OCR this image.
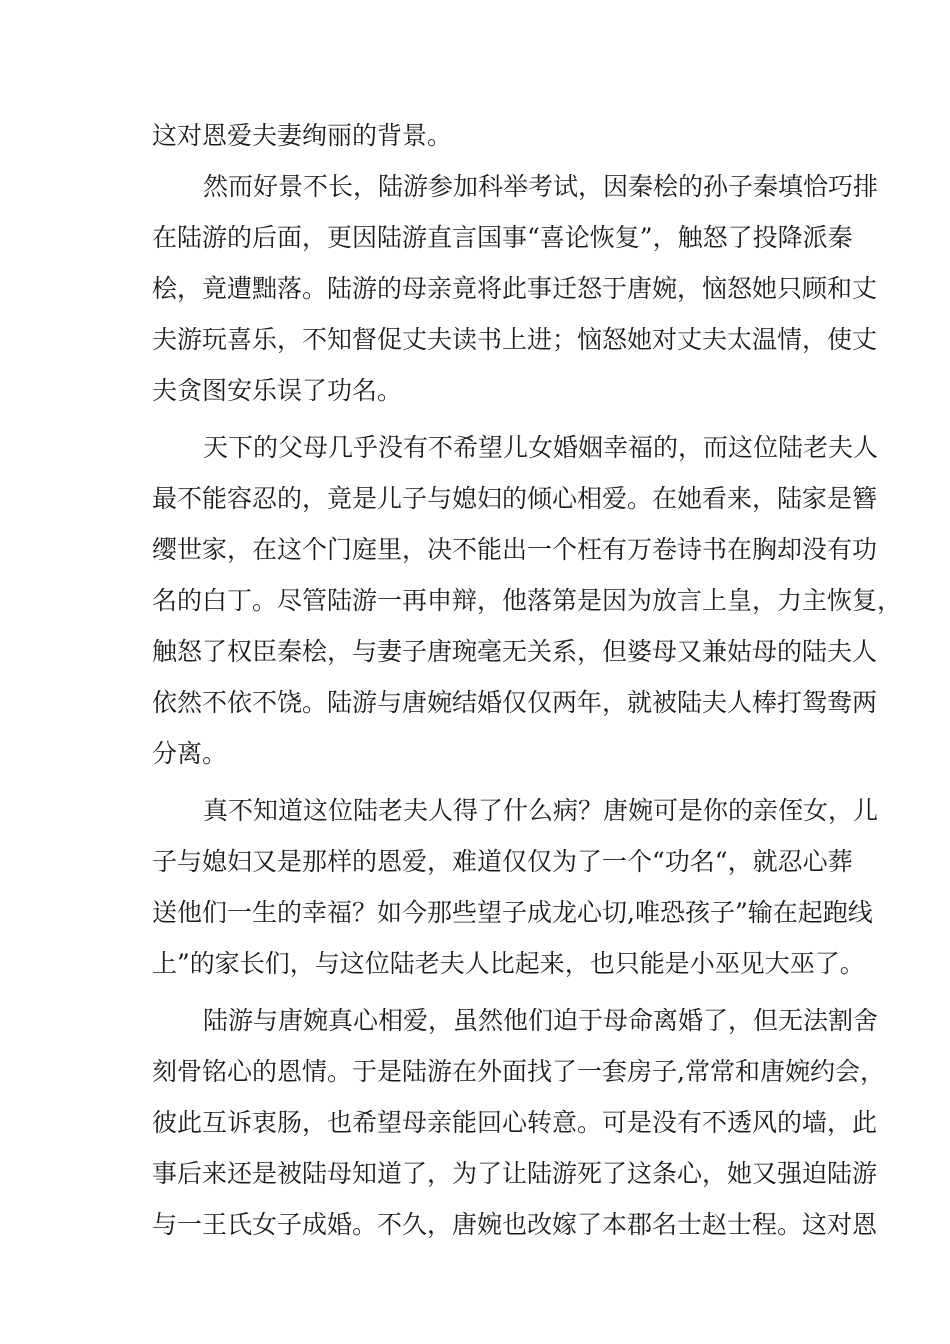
这对恩爱夫妻绚丽的背景。
然而好景不长，陆游参加科举考试，因秦桧的孙子秦填恰巧排
在陆游的后面，更因陆游直言国事“喜论恢复”，触怒了投降派秦
桧，竟遭黜落。陆游的母亲竟将此事迁怒于唐婉，恼怒她只顾和丈
夫游玩喜乐，不知督促丈夫读书上进；恼怒她对丈夫太温情，使丈
夫贪图安乐误了功名。
天下的父母几乎没有不希望儿女婚姻幸福的，而这位陆老夫人
最不能容忍的，竟是儿子与媳妇的倾心相爱。在她看来，陆家是簪
缨世家，在这个门庭里，决不能出一个枉有万卷诗书在胸却没有功
名的白丁。尽管陆游一再申辩，他落第是因为放言上皇，力主恢复，
触怒了权臣秦桧，与妻子唐琬毫无关系，但婆母又兼姑母的陆夫人
依然不依不饶。陆游与唐婉结婚仅仅两年，就被陆夫人棒打鸳鸯两
分离。
真不知道这位陆老夫人得了什么病？唐婉可是你的亲侄女，儿
子与媳妇又是那样的恩爱，难道仅仅为了一个“功名“，就忍心葬
送他们一生的幸福？如今那些望子成龙心切,唯恐孩子”输在起跑线
上”的家长们，与这位陆老夫人比起来，也只能是小巫见大巫了。
陆游与唐婉真心相爱，虽然他们迫于母命离婚了，但无法割舍
刻骨铭心的恩情。于是陆游在外面找了一套房子,常常和唐婉约会，
彼此互诉衷肠，也希望母亲能回心转意。可是没有不透风的墙，此
事后来还是被陆母知道了，为了让陆游死了这条心，她又强迫陆游
与一王氏女子成婚。不久，唐婉也改嫁了本郡名士赵士程。这对恩
